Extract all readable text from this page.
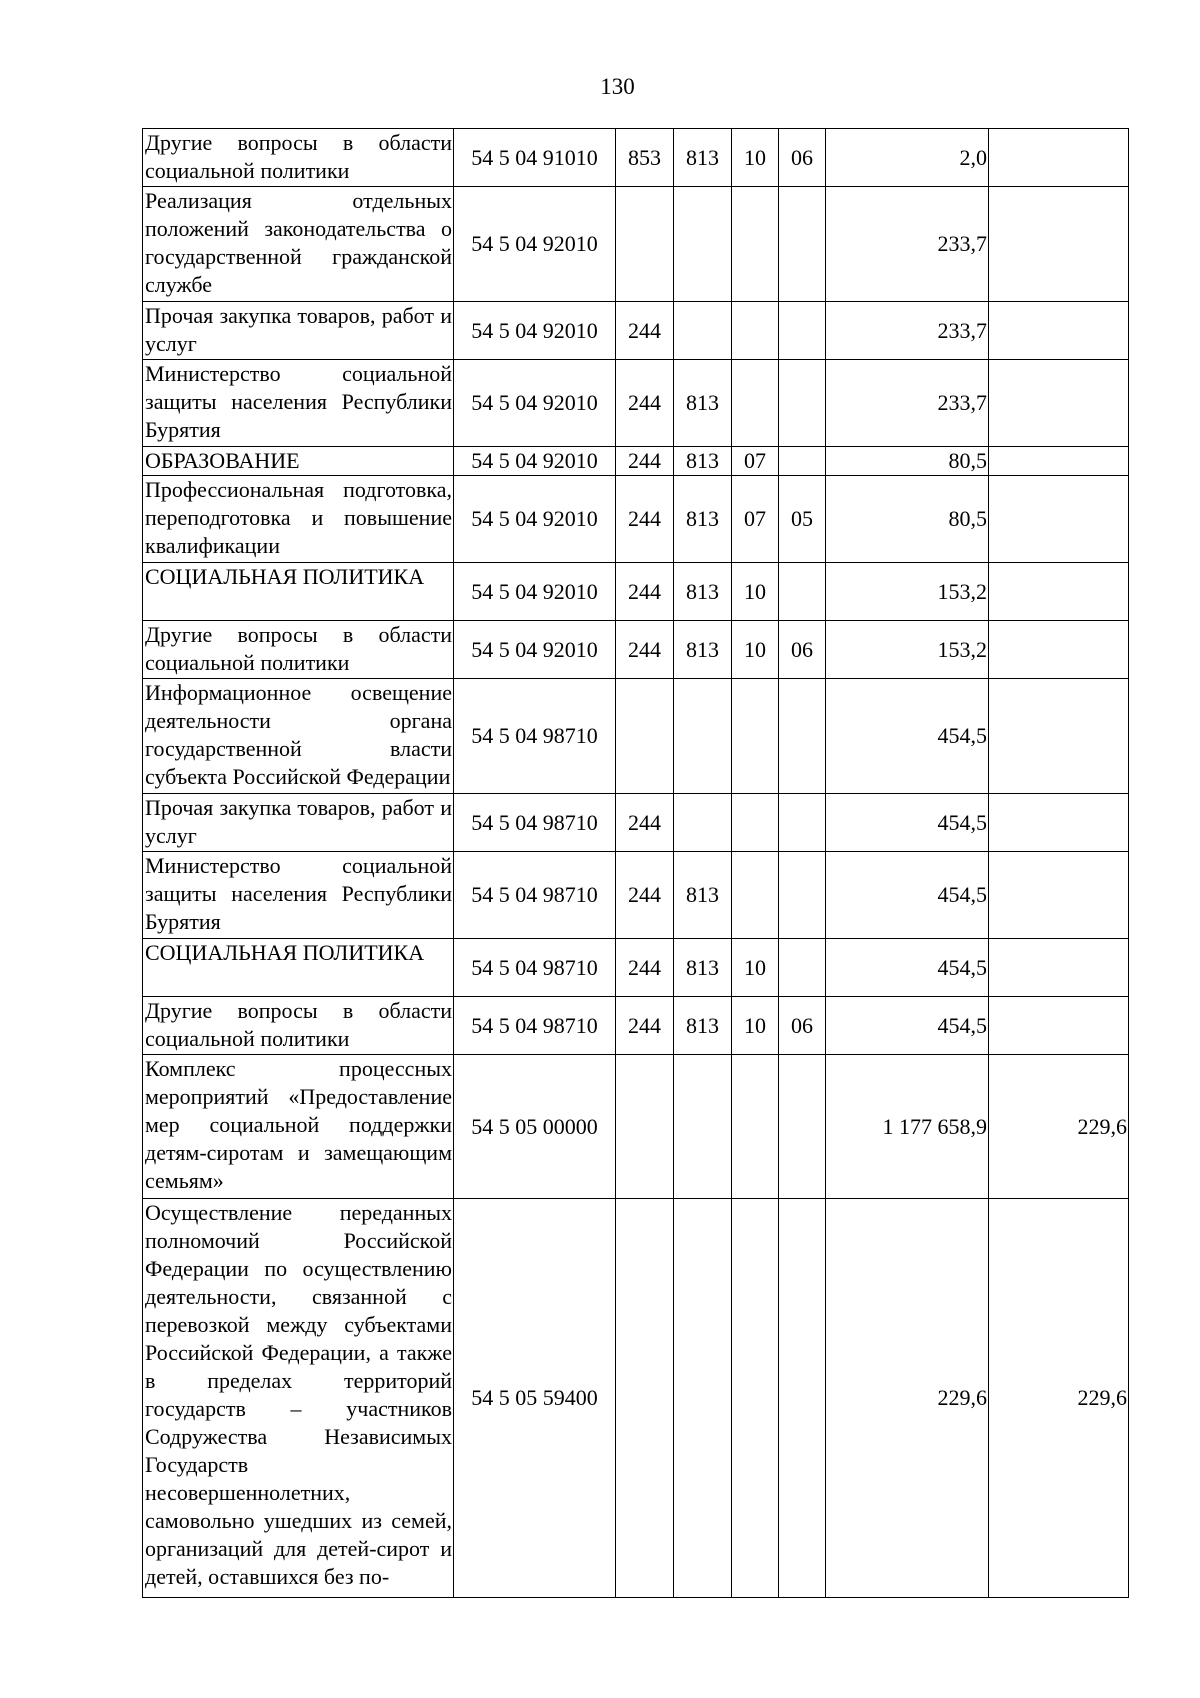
130
Другие вопросы в области социальной политики	54 5 04 91010	853	813	10	06	2,0	
Реализация отдельных положений законодательства о государственной гражданской службе	54 5 04 92010					233,7	
Прочая закупка товаров, работ и услуг	54 5 04 92010	244				233,7	
Министерство социальной защиты населения Республики Бурятия	54 5 04 92010	244	813			233,7	
ОБРАЗОВАНИЕ	54 5 04 92010	244	813	07		80,5	
Профессиональная подготовка, переподготовка и повышение квалификации	54 5 04 92010	244	813	07	05	80,5	
СОЦИАЛЬНАЯ ПОЛИТИКА	54 5 04 92010	244	813	10		153,2	
Другие вопросы в области социальной политики	54 5 04 92010	244	813	10	06	153,2	
Информационное освещение деятельности органа государственной власти субъекта Российской Федерации	54 5 04 98710					454,5	
Прочая закупка товаров, работ и услуг	54 5 04 98710	244				454,5	
Министерство социальной защиты населения Республики Бурятия	54 5 04 98710	244	813			454,5	
СОЦИАЛЬНАЯ ПОЛИТИКА	54 5 04 98710	244	813	10		454,5	
Другие вопросы в области социальной политики	54 5 04 98710	244	813	10	06	454,5	
Комплекс процессных мероприятий «Предоставление мер социальной поддержки детям-сиротам и замещающим семьям»	54 5 05 00000					1 177 658,9	229,6
Осуществление переданных полномочий Российской Федерации по осуществлению деятельности, связанной с перевозкой между субъектами Российской Федерации, а также в пределах территорий государств – участников Содружества Независимых Государств несовершеннолетних, самовольно ушедших из семей, организаций для детей-сирот и детей, оставшихся без по-	54 5 05 59400					229,6	229,6
